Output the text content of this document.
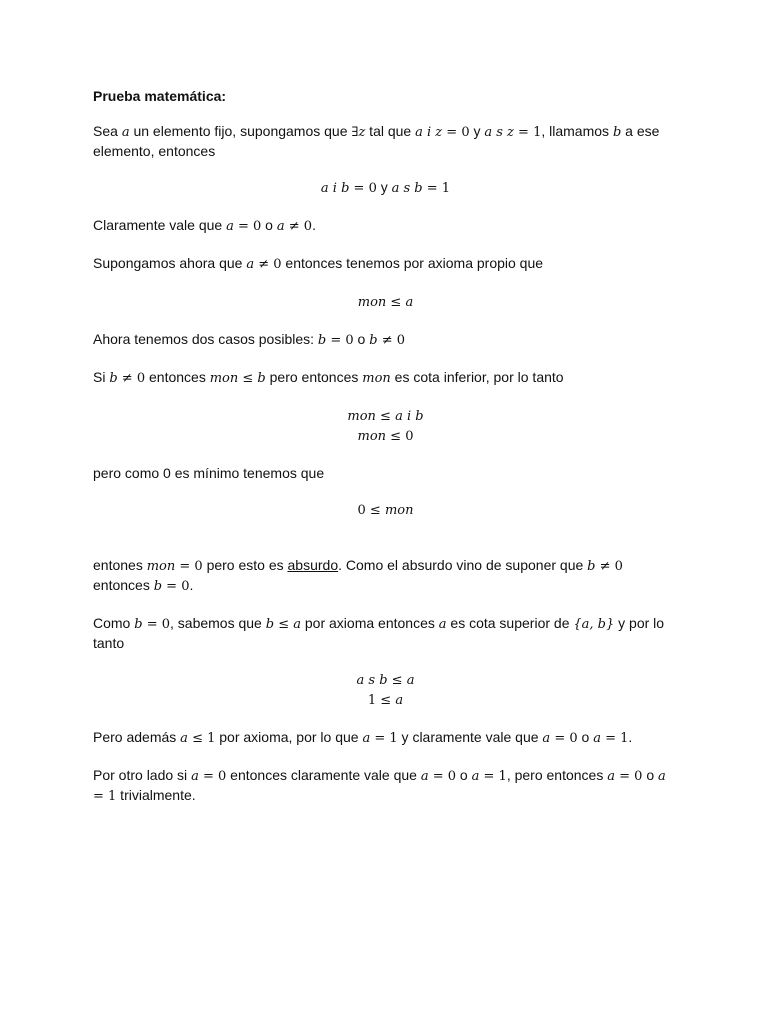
Prueba matemática:

Sea a un elemento fijo, supongamos que ∃z tal que a i z = 0 y a s z = 1, llamamos b a ese elemento, entonces

a i b = 0 y a s b = 1

Claramente vale que a = 0 o a ≠ 0.

Supongamos ahora que a ≠ 0 entonces tenemos por axioma propio que

mon ≤ a

Ahora tenemos dos casos posibles: b = 0 o b ≠ 0

Si b ≠ 0 entonces mon ≤ b pero entonces mon es cota inferior, por lo tanto

mon ≤ a i b

mon ≤ 0

pero como 0 es mínimo tenemos que

0 ≤ mon

entones mon = 0 pero esto es absurdo. Como el absurdo vino de suponer que b ≠ 0 entonces b = 0.

Como b = 0, sabemos que b ≤ a por axioma entonces a es cota superior de {a, b} y por lo tanto

a s b ≤ a

1 ≤ a

Pero además a ≤ 1 por axioma, por lo que a = 1 y claramente vale que a = 0 o a = 1.

Por otro lado si a = 0 entonces claramente vale que a = 0 o a = 1, pero entonces a = 0 o a = 1 trivialmente.
